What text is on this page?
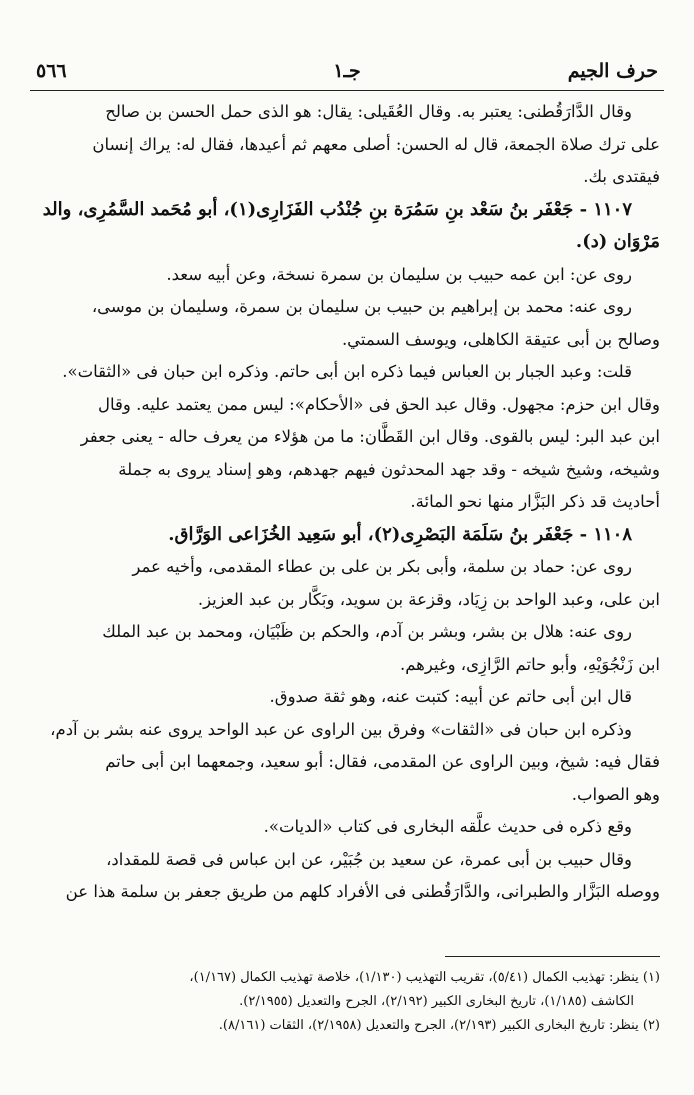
٥٦٦	جـ١	حرف الجيم

وقال الدَّارَقُطنى: يعتبر به. وقال العُقَيلى: يقال: هو الذى حمل الحسن بن صالح

على ترك صلاة الجمعة، قال له الحسن: أصلى معهم ثم أعيدها، فقال له: يراك إنسان

فيقتدى بك.

١١٠٧ - جَعْفَر بنُ سَعْد بنِ سَمُرَة بنِ جُنْدُب الفَزَارِى(١)، أبو مُحَمد السَّمُرِى، والد

مَرْوَان (د).

روى عن: ابن عمه حبيب بن سليمان بن سمرة نسخة، وعن أبيه سعد.

روى عنه: محمد بن إبراهيم بن حبيب بن سليمان بن سمرة، وسليمان بن موسى،

وصالح بن أبى عتيقة الكاهلى، ويوسف السمتي.

قلت: وعبد الجبار بن العباس فيما ذكره ابن أبى حاتم. وذكره ابن حبان فى «الثقات».

وقال ابن حزم: مجهول. وقال عبد الحق فى «الأحكام»: ليس ممن يعتمد عليه. وقال

ابن عبد البر: ليس بالقوى. وقال ابن القَطَّان: ما من هؤلاء من يعرف حاله - يعنى جعفر

وشيخه، وشيخ شيخه - وقد جهد المحدثون فيهم جهدهم، وهو إسناد يروى به جملة

أحاديث قد ذكر البَزَّار منها نحو المائة.

١١٠٨ - جَعْفَر بنُ سَلَمَة البَصْرِى(٢)، أبو سَعِيد الخُزَاعى الوَرَّاق.

روى عن: حماد بن سلمة، وأبى بكر بن على بن عطاء المقدمى، وأخيه عمر

ابن على، وعبد الواحد بن زِيَاد، وقزعة بن سويد، وبَكَّار بن عبد العزيز.

روى عنه: هلال بن بشر، وبشر بن آدم، والحكم بن ظَبْيَان، ومحمد بن عبد الملك

ابن زَنْجُوَيْهِ، وأبو حاتم الرَّازِى، وغيرهم.

قال ابن أبى حاتم عن أبيه: كتبت عنه، وهو ثقة صدوق.

وذكره ابن حبان فى «الثقات» وفرق بين الراوى عن عبد الواحد يروى عنه بشر بن آدم،

فقال فيه: شيخ، وبين الراوى عن المقدمى، فقال: أبو سعيد، وجمعهما ابن أبى حاتم

وهو الصواب.

وقع ذكره فى حديث علَّقه البخارى فى كتاب «الديات».

وقال حبيب بن أبى عمرة، عن سعيد بن جُبَيْر، عن ابن عباس فى قصة للمقداد،

ووصله البَزَّار والطبرانى، والدَّارَقُطنى فى الأفراد كلهم من طريق جعفر بن سلمة هذا عن

(١) ينظر: تهذيب الكمال (٥/٤١)، تقريب التهذيب (١/١٣٠)، خلاصة تهذيب الكمال (١/١٦٧)،

الكاشف (١/١٨٥)، تاريخ البخارى الكبير (٢/١٩٢)، الجرح والتعديل (٢/١٩٥٥).

(٢) ينظر: تاريخ البخارى الكبير (٢/١٩٣)، الجرح والتعديل (٢/١٩٥٨)، الثقات (٨/١٦١).
